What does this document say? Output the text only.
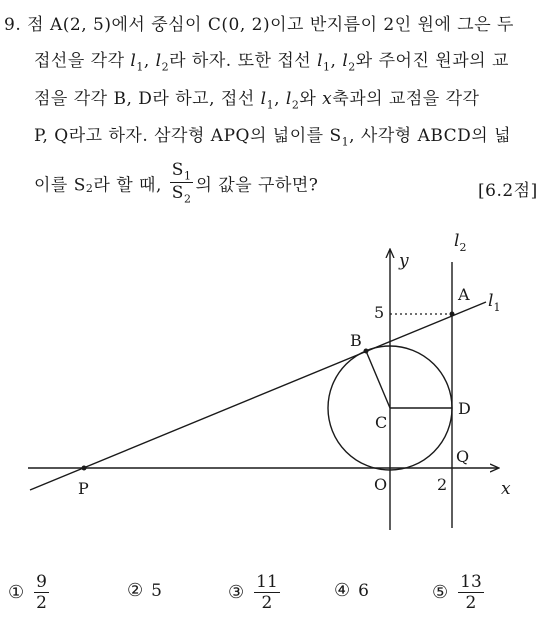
9. 점 A(2, 5)에서 중심이 C(0, 2)이고 반지름이 2인 원에 그은 두
접선을 각각 $l_1$, $l_2$라 하자. 또한 접선 $l_1$, $l_2$와 주어진 원과의 교
점을 각각 B, D라 하고, 접선 $l_1$, $l_2$와 x축과의 교점을 각각
P, Q라고 하자. 삼각형 APQ의 넓이를 $S_1$, 사각형 ABCD의 넓
이를 $S_2$라 할 때, $\frac{S_1}{S_2}$ 의 값을 구하면?	[6.2점]
y
x
$l_2$
$l_1$
A
B
C
D
Q
P	O	2
5
① $\frac{9}{2}$	② 5	③ $\frac{11}{2}$	④ 6	⑤ $\frac{13}{2}$
